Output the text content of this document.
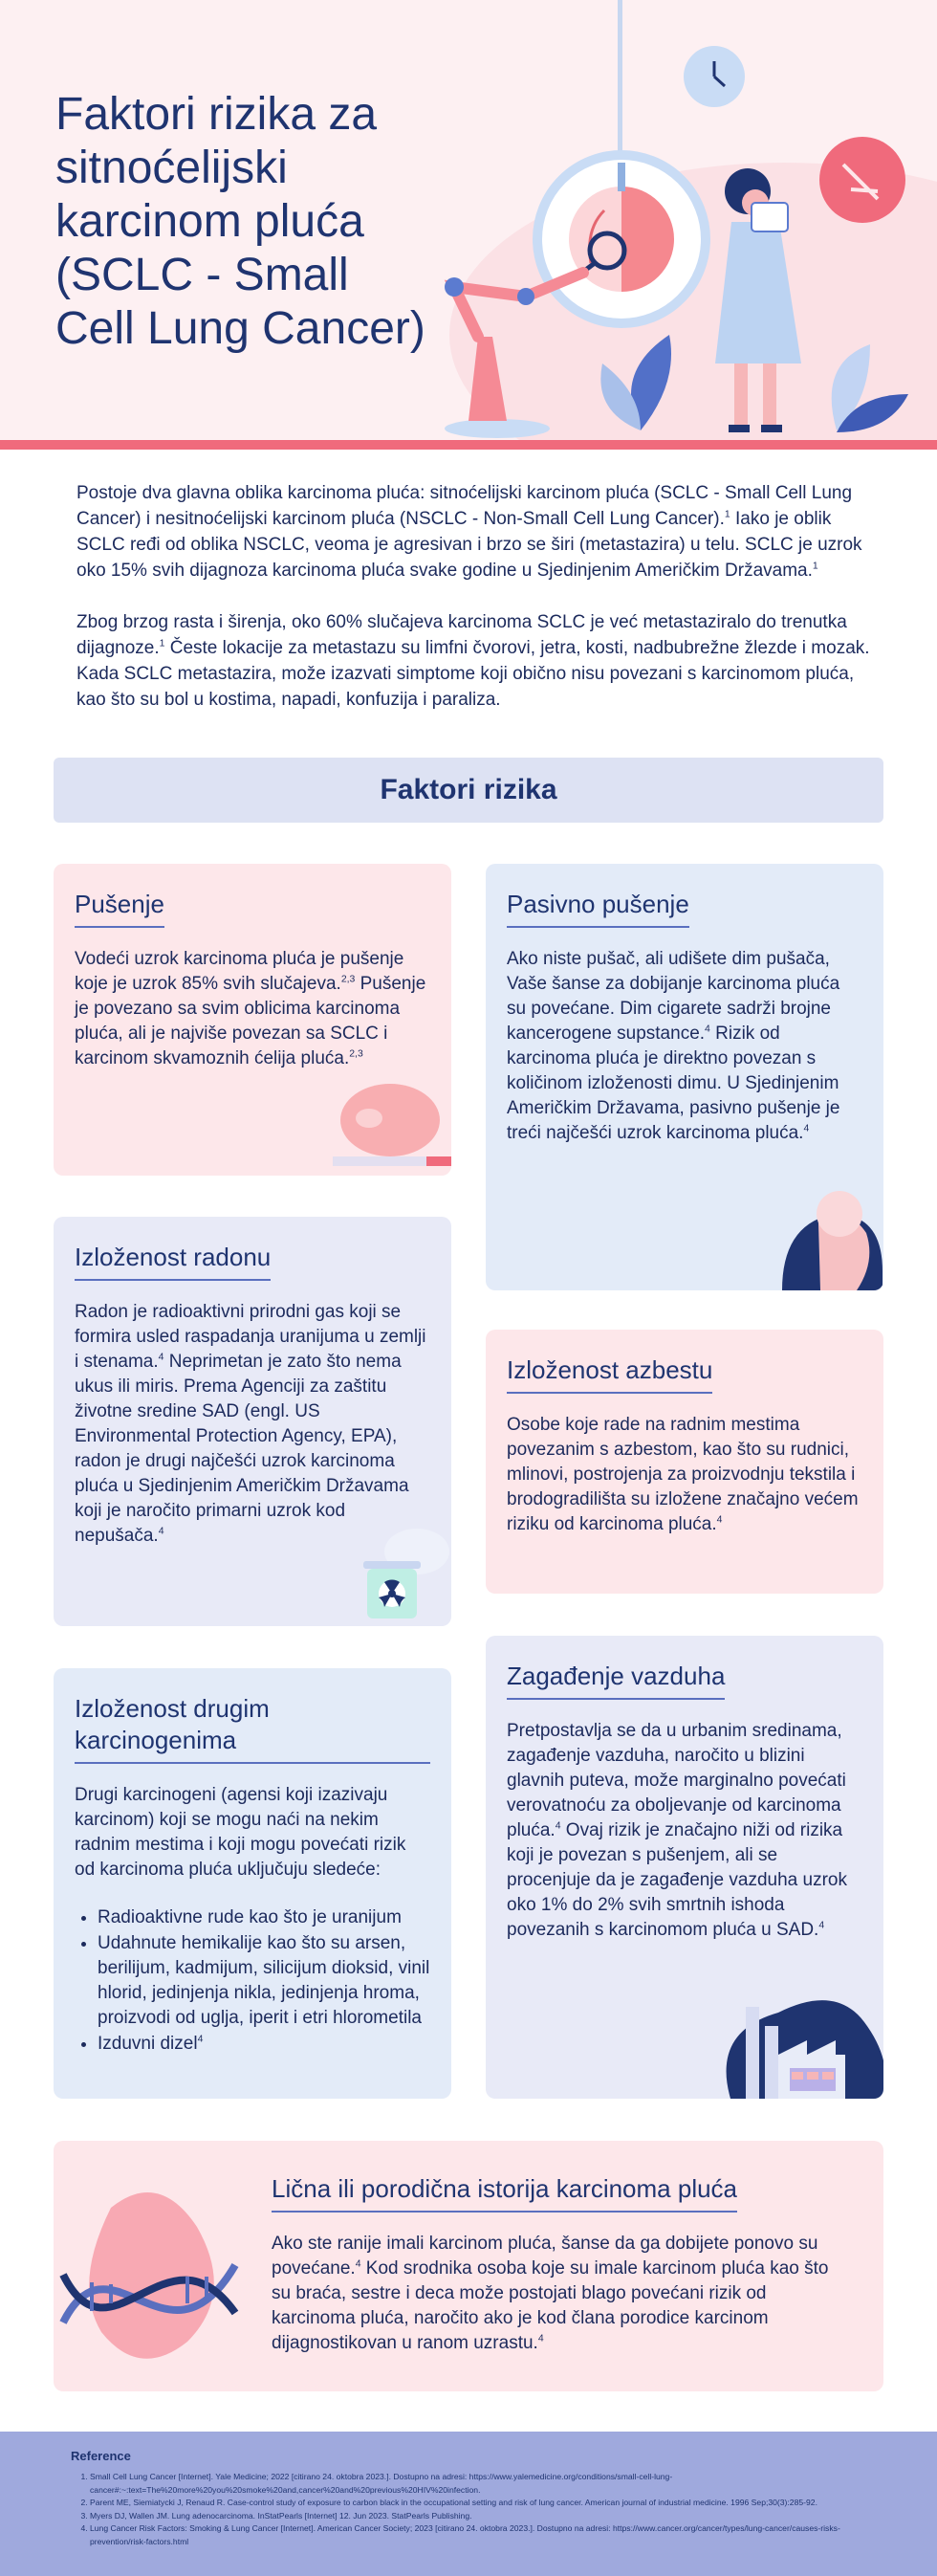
Faktori rizika za sitnoćelijski karcinom pluća (SCLC - Small Cell Lung Cancer)

Postoje dva glavna oblika karcinoma pluća: sitnoćelijski karcinom pluća (SCLC - Small Cell Lung Cancer) i nesitnoćelijski karcinom pluća (NSCLC - Non-Small Cell Lung Cancer).$^1$ Iako je oblik SCLC ređi od oblika NSCLC, veoma je agresivan i brzo se širi (metastazira) u telu. SCLC je uzrok oko 15% svih dijagnoza karcinoma pluća svake godine u Sjedinjenim Američkim Državama.$^1$

Zbog brzog rasta i širenja, oko 60% slučajeva karcinoma SCLC je već metastaziralo do trenutka dijagnoze.$^1$ Česte lokacije za metastazu su limfni čvorovi, jetra, kosti, nadbubrežne žlezde i mozak. Kada SCLC metastazira, može izazvati simptome koji obično nisu povezani s karcinomom pluća, kao što su bol u kostima, napadi, konfuzija i paraliza.

Faktori rizika
Pušenje

Vodeći uzrok karcinoma pluća je pušenje koje je uzrok 85% svih slučajeva.$^{2,3}$ Pušenje je povezano sa svim oblicima karcinoma pluća, ali je najviše povezan sa SCLC i karcinom skvamoznih ćelija pluća.$^{2,3}$

Pasivno pušenje

Ako niste pušač, ali udišete dim pušača, Vaše šanse za dobijanje karcinoma pluća su povećane. Dim cigarete sadrži brojne kancerogene supstance.$^4$ Rizik od karcinoma pluća je direktno povezan s količinom izloženosti dimu. U Sjedinjenim Američkim Državama, pasivno pušenje je treći najčešći uzrok karcinoma pluća.$^4$

Izloženost radonu

Radon je radioaktivni prirodni gas koji se formira usled raspadanja uranijuma u zemlji i stenama.$^4$ Neprimetan je zato što nema ukus ili miris. Prema Agenciji za zaštitu životne sredine SAD (engl. US Environmental Protection Agency, EPA), radon je drugi najčešći uzrok karcinoma pluća u Sjedinjenim Američkim Državama koji je naročito primarni uzrok kod nepušača.$^4$

Izloženost azbestu

Osobe koje rade na radnim mestima povezanim s azbestom, kao što su rudnici, mlinovi, postrojenja za proizvodnju tekstila i brodogradilišta su izložene značajno većem riziku od karcinoma pluća.$^4$

Izloženost drugim karcinogenima

Drugi karcinogeni (agensi koji izazivaju karcinom) koji se mogu naći na nekim radnim mestima i koji mogu povećati rizik od karcinoma pluća uključuju sledeće:

• Radioaktivne rude kao što je uranijum
• Udahnute hemikalije kao što su arsen, berilijum, kadmijum, silicijum dioksid, vinil hlorid, jedinjenja nikla, jedinjenja hroma, proizvodi od uglja, iperit i etri hlorometila
• Izduvni dizel$^4$
Zagađenje vazduha

Pretpostavlja se da u urbanim sredinama, zagađenje vazduha, naročito u blizini glavnih puteva, može marginalno povećati verovatnoću za obolјevanje od karcinoma pluća.$^4$ Ovaj rizik je značajno niži od rizika koji je povezan s pušenjem, ali se procenjuje da je zagađenje vazduha uzrok oko 1% do 2% svih smrtnih ishoda povezanih s karcinomom pluća u SAD.$^4$

Lična ili porodična istorija karcinoma pluća

Ako ste ranije imali karcinom pluća, šanse da ga dobijete ponovo su povećane.$^4$ Kod srodnika osoba koje su imale karcinom pluća kao što su braća, sestre i deca može postojati blago povećani rizik od karcinoma pluća, naročito ako je kod člana porodice karcinom dijagnostikovan u ranom uzrastu.$^4$

Reference
1. Small Cell Lung Cancer [Internet]. Yale Medicine; 2022 [citirano 24. oktobra 2023.]. Dostupno na adresi: https://www.yalemedicine.org/conditions/small-cell-lung-cancer#:~:text=The%20more%20you%20smoke%20and,cancer%20and%20previous%20HIV%20infection.
2. Parent ME, Siemiatycki J, Renaud R. Case-control study of exposure to carbon black in the occupational setting and risk of lung cancer. American journal of industrial medicine. 1996 Sep;30(3):285-92.
3. Myers DJ, Wallen JM. Lung adenocarcinoma. InStatPearls [Internet] 12. Jun 2023. StatPearls Publishing.
4. Lung Cancer Risk Factors: Smoking & Lung Cancer [Internet]. American Cancer Society; 2023 [citirano 24. oktobra 2023.]. Dostupno na adresi: https://www.cancer.org/cancer/types/lung-cancer/causes-risks-prevention/risk-factors.html
